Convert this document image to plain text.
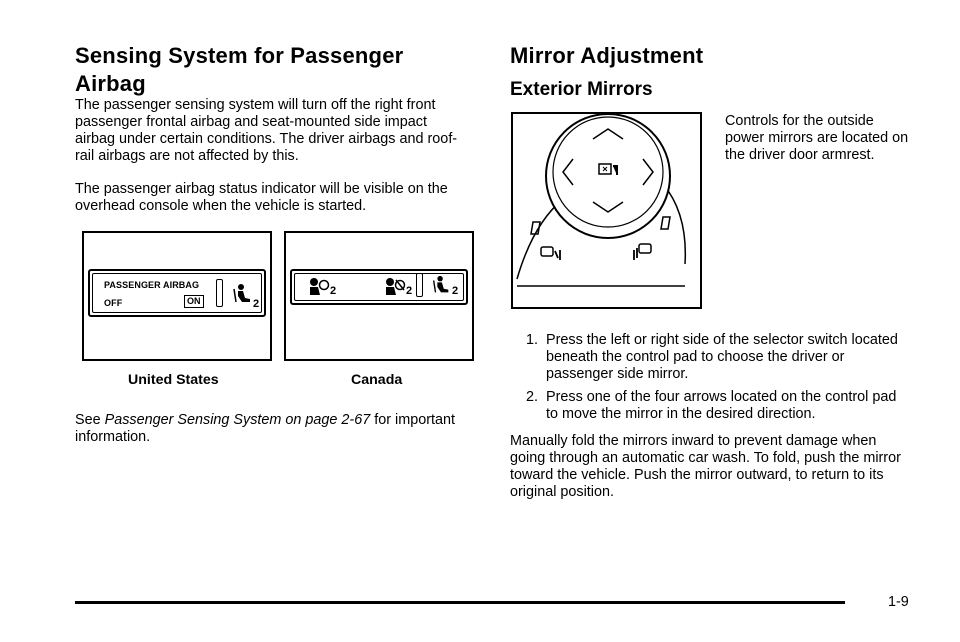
Sensing System for Passenger Airbag

The passenger sensing system will turn off the right front passenger frontal airbag and seat-mounted side impact airbag under certain conditions. The driver airbags and roof-rail airbags are not affected by this.

The passenger airbag status indicator will be visible on the overhead console when the vehicle is started.

PASSENGER AIRBAG
OFF	ON	2
United States
2	2	2
Canada

See Passenger Sensing System on page 2-67 for important information.

Mirror Adjustment
Exterior Mirrors

Controls for the outside power mirrors are located on the driver door armrest.

1. Press the left or right side of the selector switch located beneath the control pad to choose the driver or passenger side mirror.
2. Press one of the four arrows located on the control pad to move the mirror in the desired direction.

Manually fold the mirrors inward to prevent damage when going through an automatic car wash. To fold, push the mirror toward the vehicle. Push the mirror outward, to return to its original position.

1-9
